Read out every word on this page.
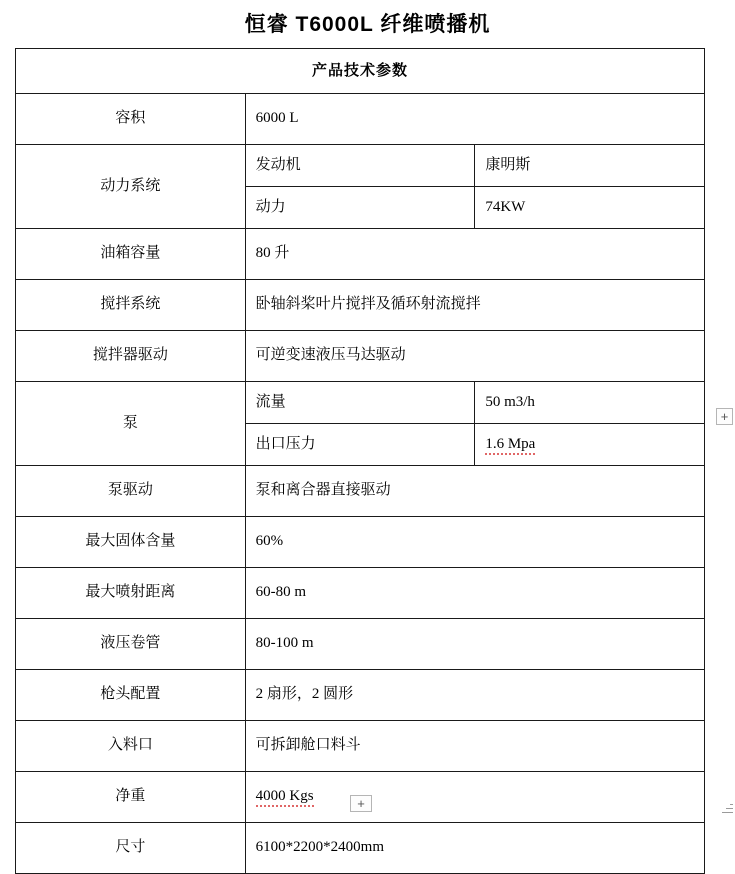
恒睿 T6000L 纤维喷播机
产品技术参数		
容积	6000 L	
动力系统	发动机	康明斯
	动力	74KW
油箱容量	80 升	
搅拌系统	卧轴斜桨叶片搅拌及循环射流搅拌	
搅拌器驱动	可逆变速液压马达驱动	
泵	流量	50 m3/h
	出口压力	1.6 Mpa
泵驱动	泵和离合器直接驱动	
最大固体含量	60%	
最大喷射距离	60-80 m	
液压卷管	80-100 m	
枪头配置	2 扇形，2 圆形	
入料口	可拆卸舱口料斗	
净重	4000 Kgs	
尺寸	6100*2200*2400mm	
+
+
